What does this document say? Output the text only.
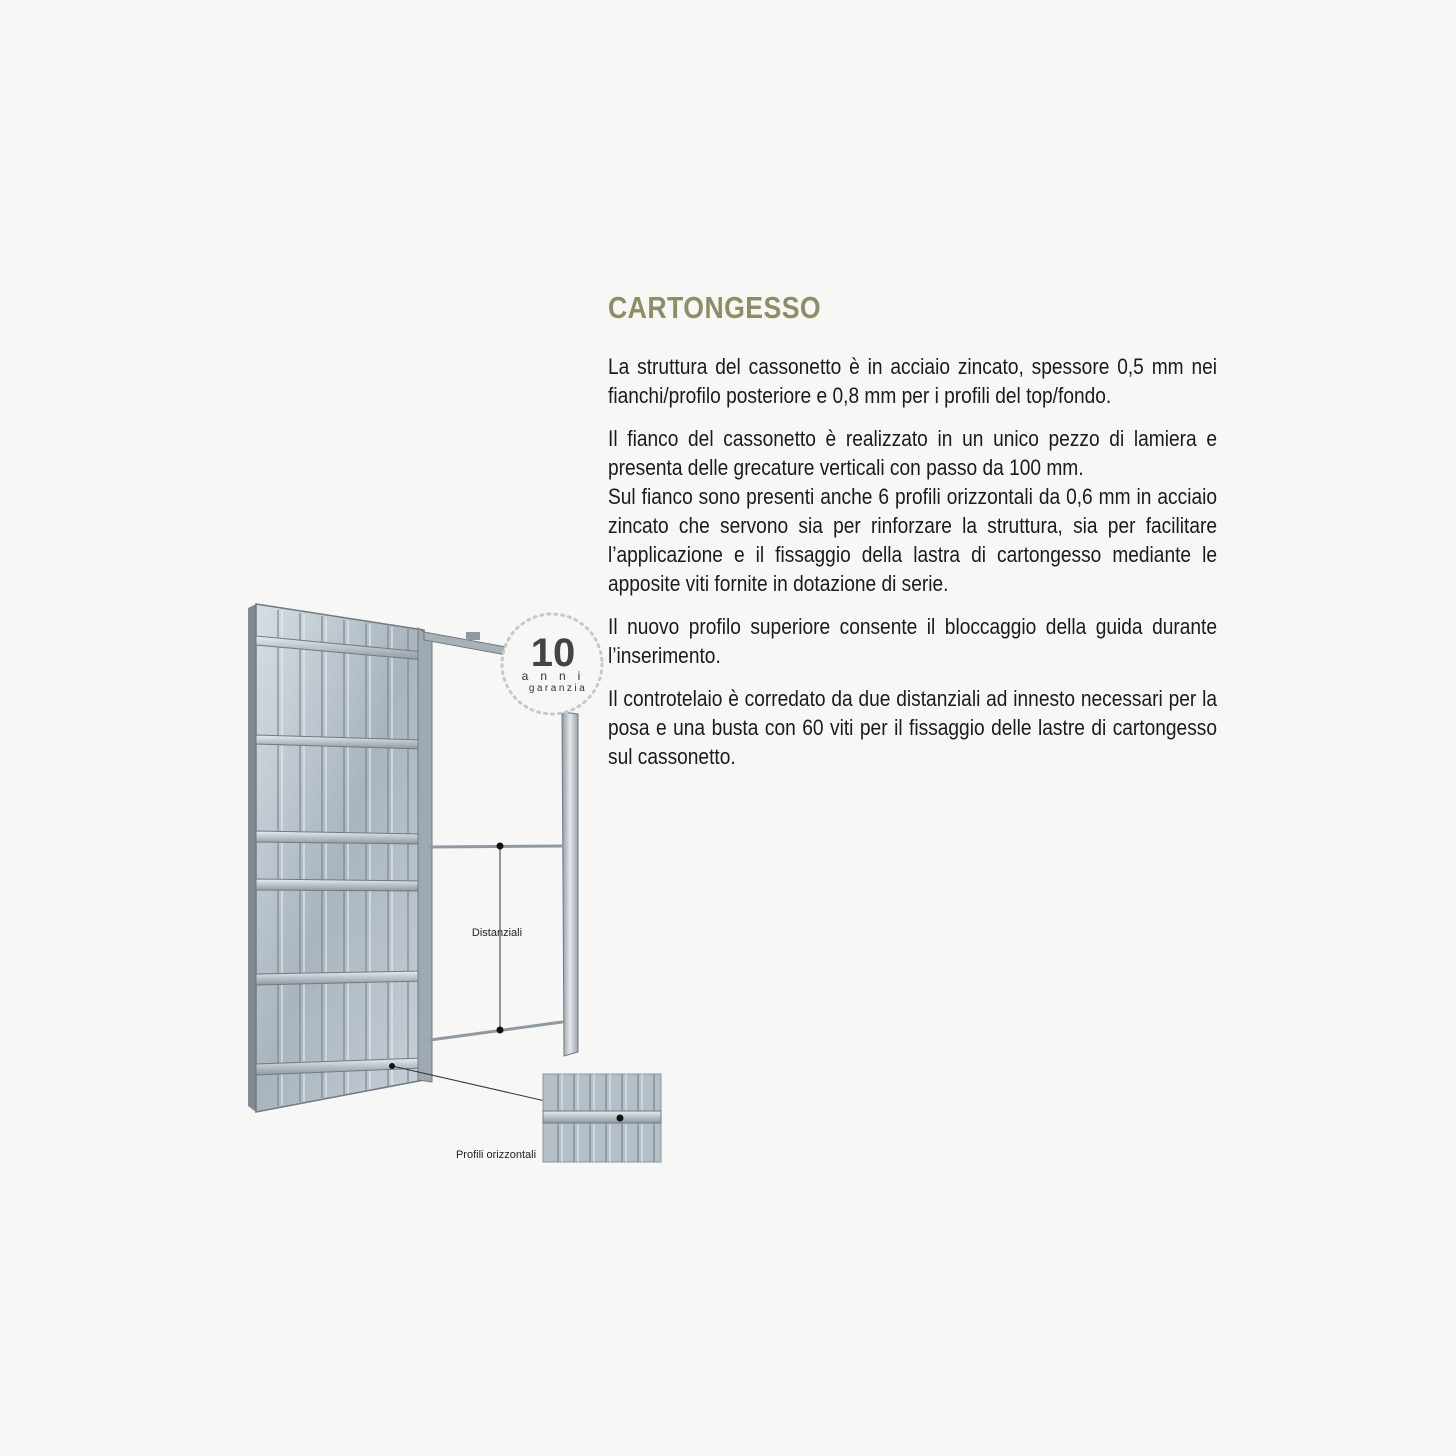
CARTONGESSO

La struttura del cassonetto è in acciaio zincato, spessore 0,5 mm nei fianchi/profilo posteriore e 0,8 mm per i profili del top/fondo.

Il fianco del cassonetto è realizzato in un unico pezzo di lamiera e presenta delle grecature verticali con passo da 100 mm.

Sul fianco sono presenti anche 6 profili orizzontali da 0,6 mm in acciaio zincato che servono sia per rinforzare la struttura, sia per facilitare l’applicazione e il fissaggio della lastra di cartongesso mediante le apposite viti fornite in dotazione di serie.

Il nuovo profilo superiore consente il bloccaggio della guida durante l’inserimento.

Il controtelaio è corredato da due distanziali ad innesto necessari per la posa e una busta con 60 viti per il fissaggio delle lastre di cartongesso sul cassonetto.

Distanziali
Profili orizzontali
10
anni
garanzia
